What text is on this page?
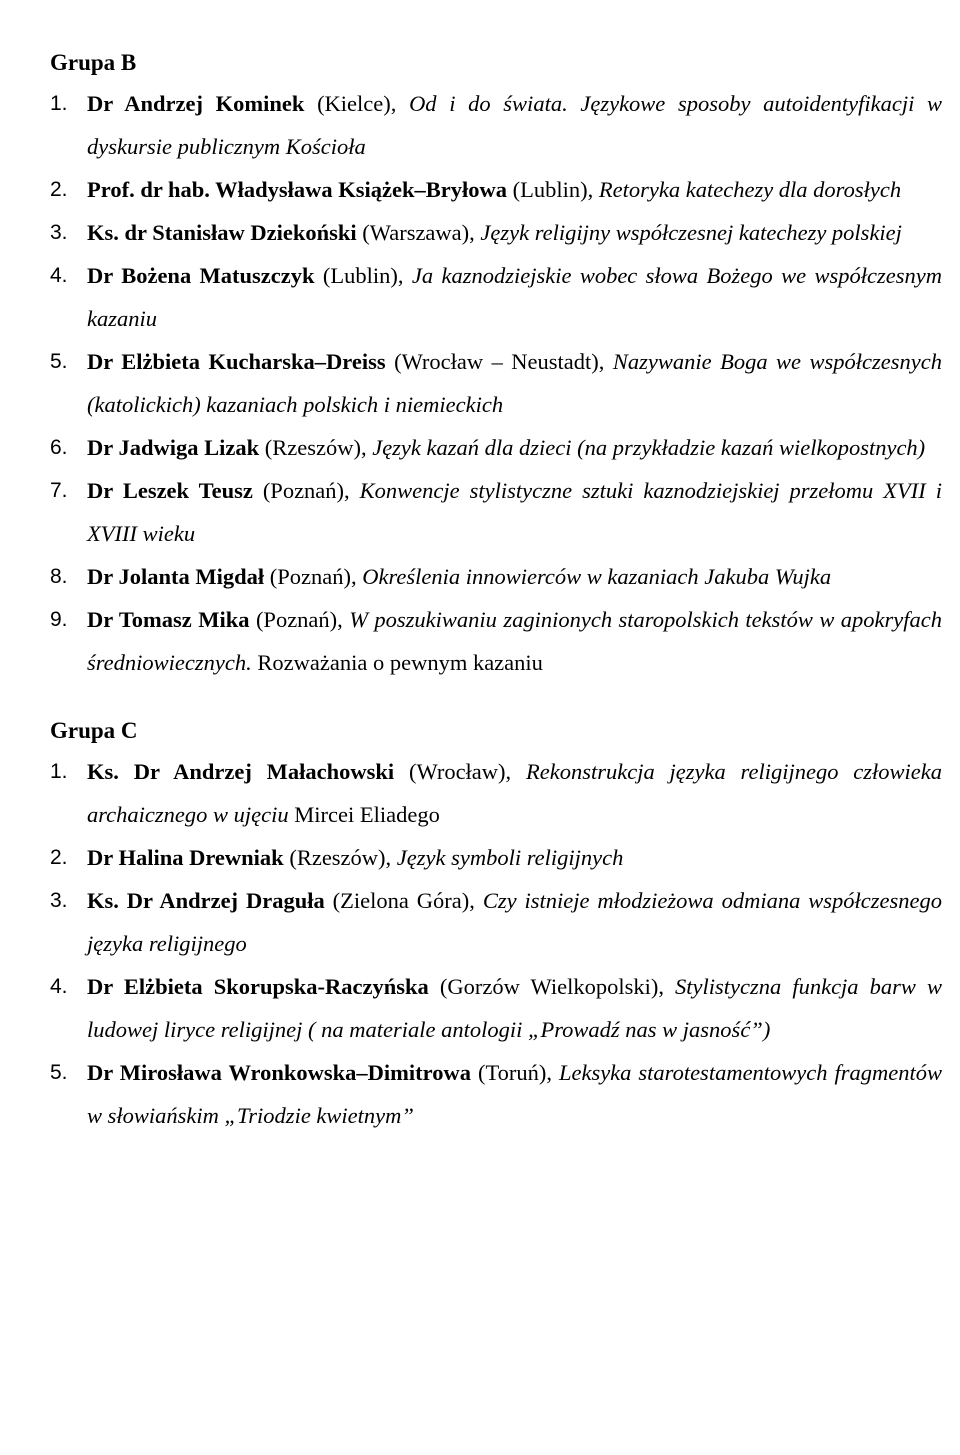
Grupa B
1. Dr Andrzej Kominek (Kielce), Od i do świata. Językowe sposoby autoidentyfikacji w dyskursie publicznym Kościoła
2. Prof. dr hab. Władysława Książek–Bryłowa (Lublin), Retoryka katechezy dla dorosłych
3. Ks. dr Stanisław Dziekoński (Warszawa), Język religijny współczesnej katechezy polskiej
4. Dr Bożena Matuszczyk (Lublin), Ja kaznodziejskie wobec słowa Bożego we współczesnym kazaniu
5. Dr Elżbieta Kucharska–Dreiss (Wrocław – Neustadt), Nazywanie Boga we współczesnych (katolickich) kazaniach polskich i niemieckich
6. Dr Jadwiga Lizak (Rzeszów), Język kazań dla dzieci (na przykładzie kazań wielkopostnych)
7. Dr Leszek Teusz (Poznań), Konwencje stylistyczne sztuki kaznodziejskiej przełomu XVII i XVIII wieku
8. Dr Jolanta Migdał (Poznań), Określenia innowierców w kazaniach Jakuba Wujka
9. Dr Tomasz Mika (Poznań), W poszukiwaniu zaginionych staropolskich tekstów w apokryfach średniowiecznych. Rozważania o pewnym kazaniu
Grupa C
1. Ks. Dr Andrzej Małachowski (Wrocław), Rekonstrukcja języka religijnego człowieka archaicznego w ujęciu Mircei Eliadego
2. Dr Halina Drewniak (Rzeszów), Język symboli religijnych
3. Ks. Dr Andrzej Draguła (Zielona Góra), Czy istnieje młodzieżowa odmiana współczesnego języka religijnego
4. Dr Elżbieta Skorupska-Raczyńska (Gorzów Wielkopolski), Stylistyczna funkcja barw w ludowej liryce religijnej ( na materiale antologii „Prowadź nas w jasność”)
5. Dr Mirosława Wronkowska–Dimitrowa (Toruń), Leksyka starotestamentowych fragmentów w słowiańskim „Triodzie kwietnym”
